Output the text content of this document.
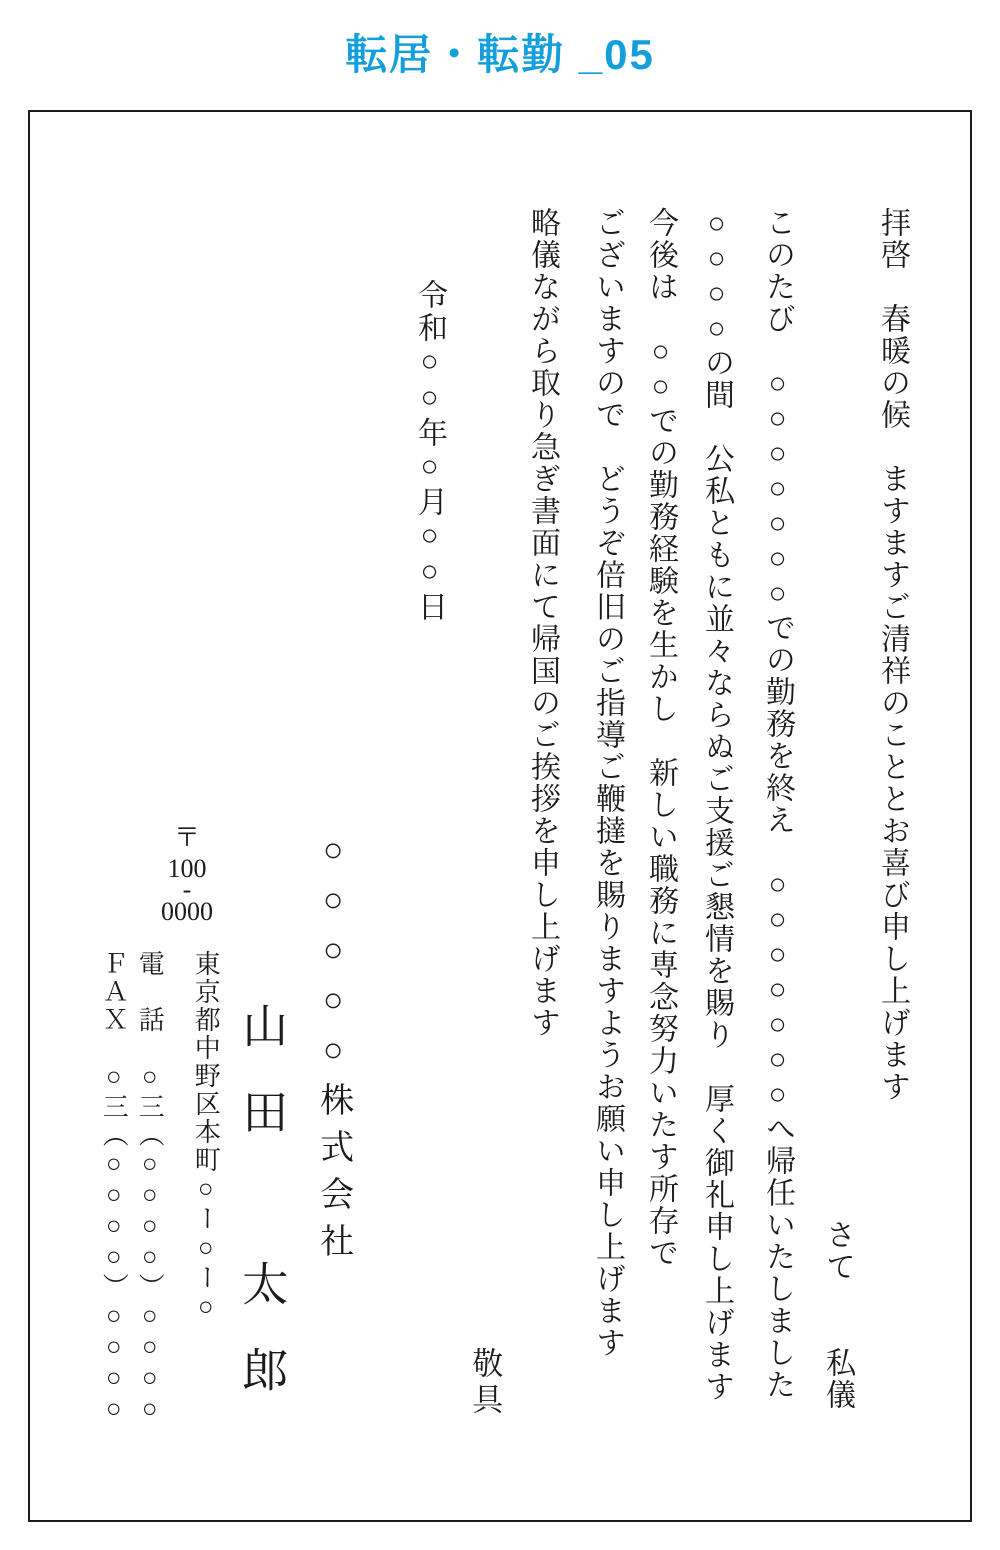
転居・転勤 _05

拝啓　春暖の候　ますますご清祥のこととお喜び申し上げます

さて　　私儀

このたび　○○○○○○○での勤務を終え　○○○○○○○へ帰任いたしました

○○○○の間　公私ともに並々ならぬご支援ご懇情を賜り　厚く御礼申し上げます

今後は　○○での勤務経験を生かし　新しい職務に専念努力いたす所存で

ございますので　どうぞ倍旧のご指導ご鞭撻を賜りますようお願い申し上げます

略儀ながら取り急ぎ書面にて帰国のご挨拶を申し上げます

敬具

令和○○年○月○○日

○○○○○株式会社

山田　太郎

〒
100
-
0000

東京都中野区本町○ー○ー○

電　話　○三（○○○○）○○○○

ＦＡＸ　○三（○○○○）○○○○
